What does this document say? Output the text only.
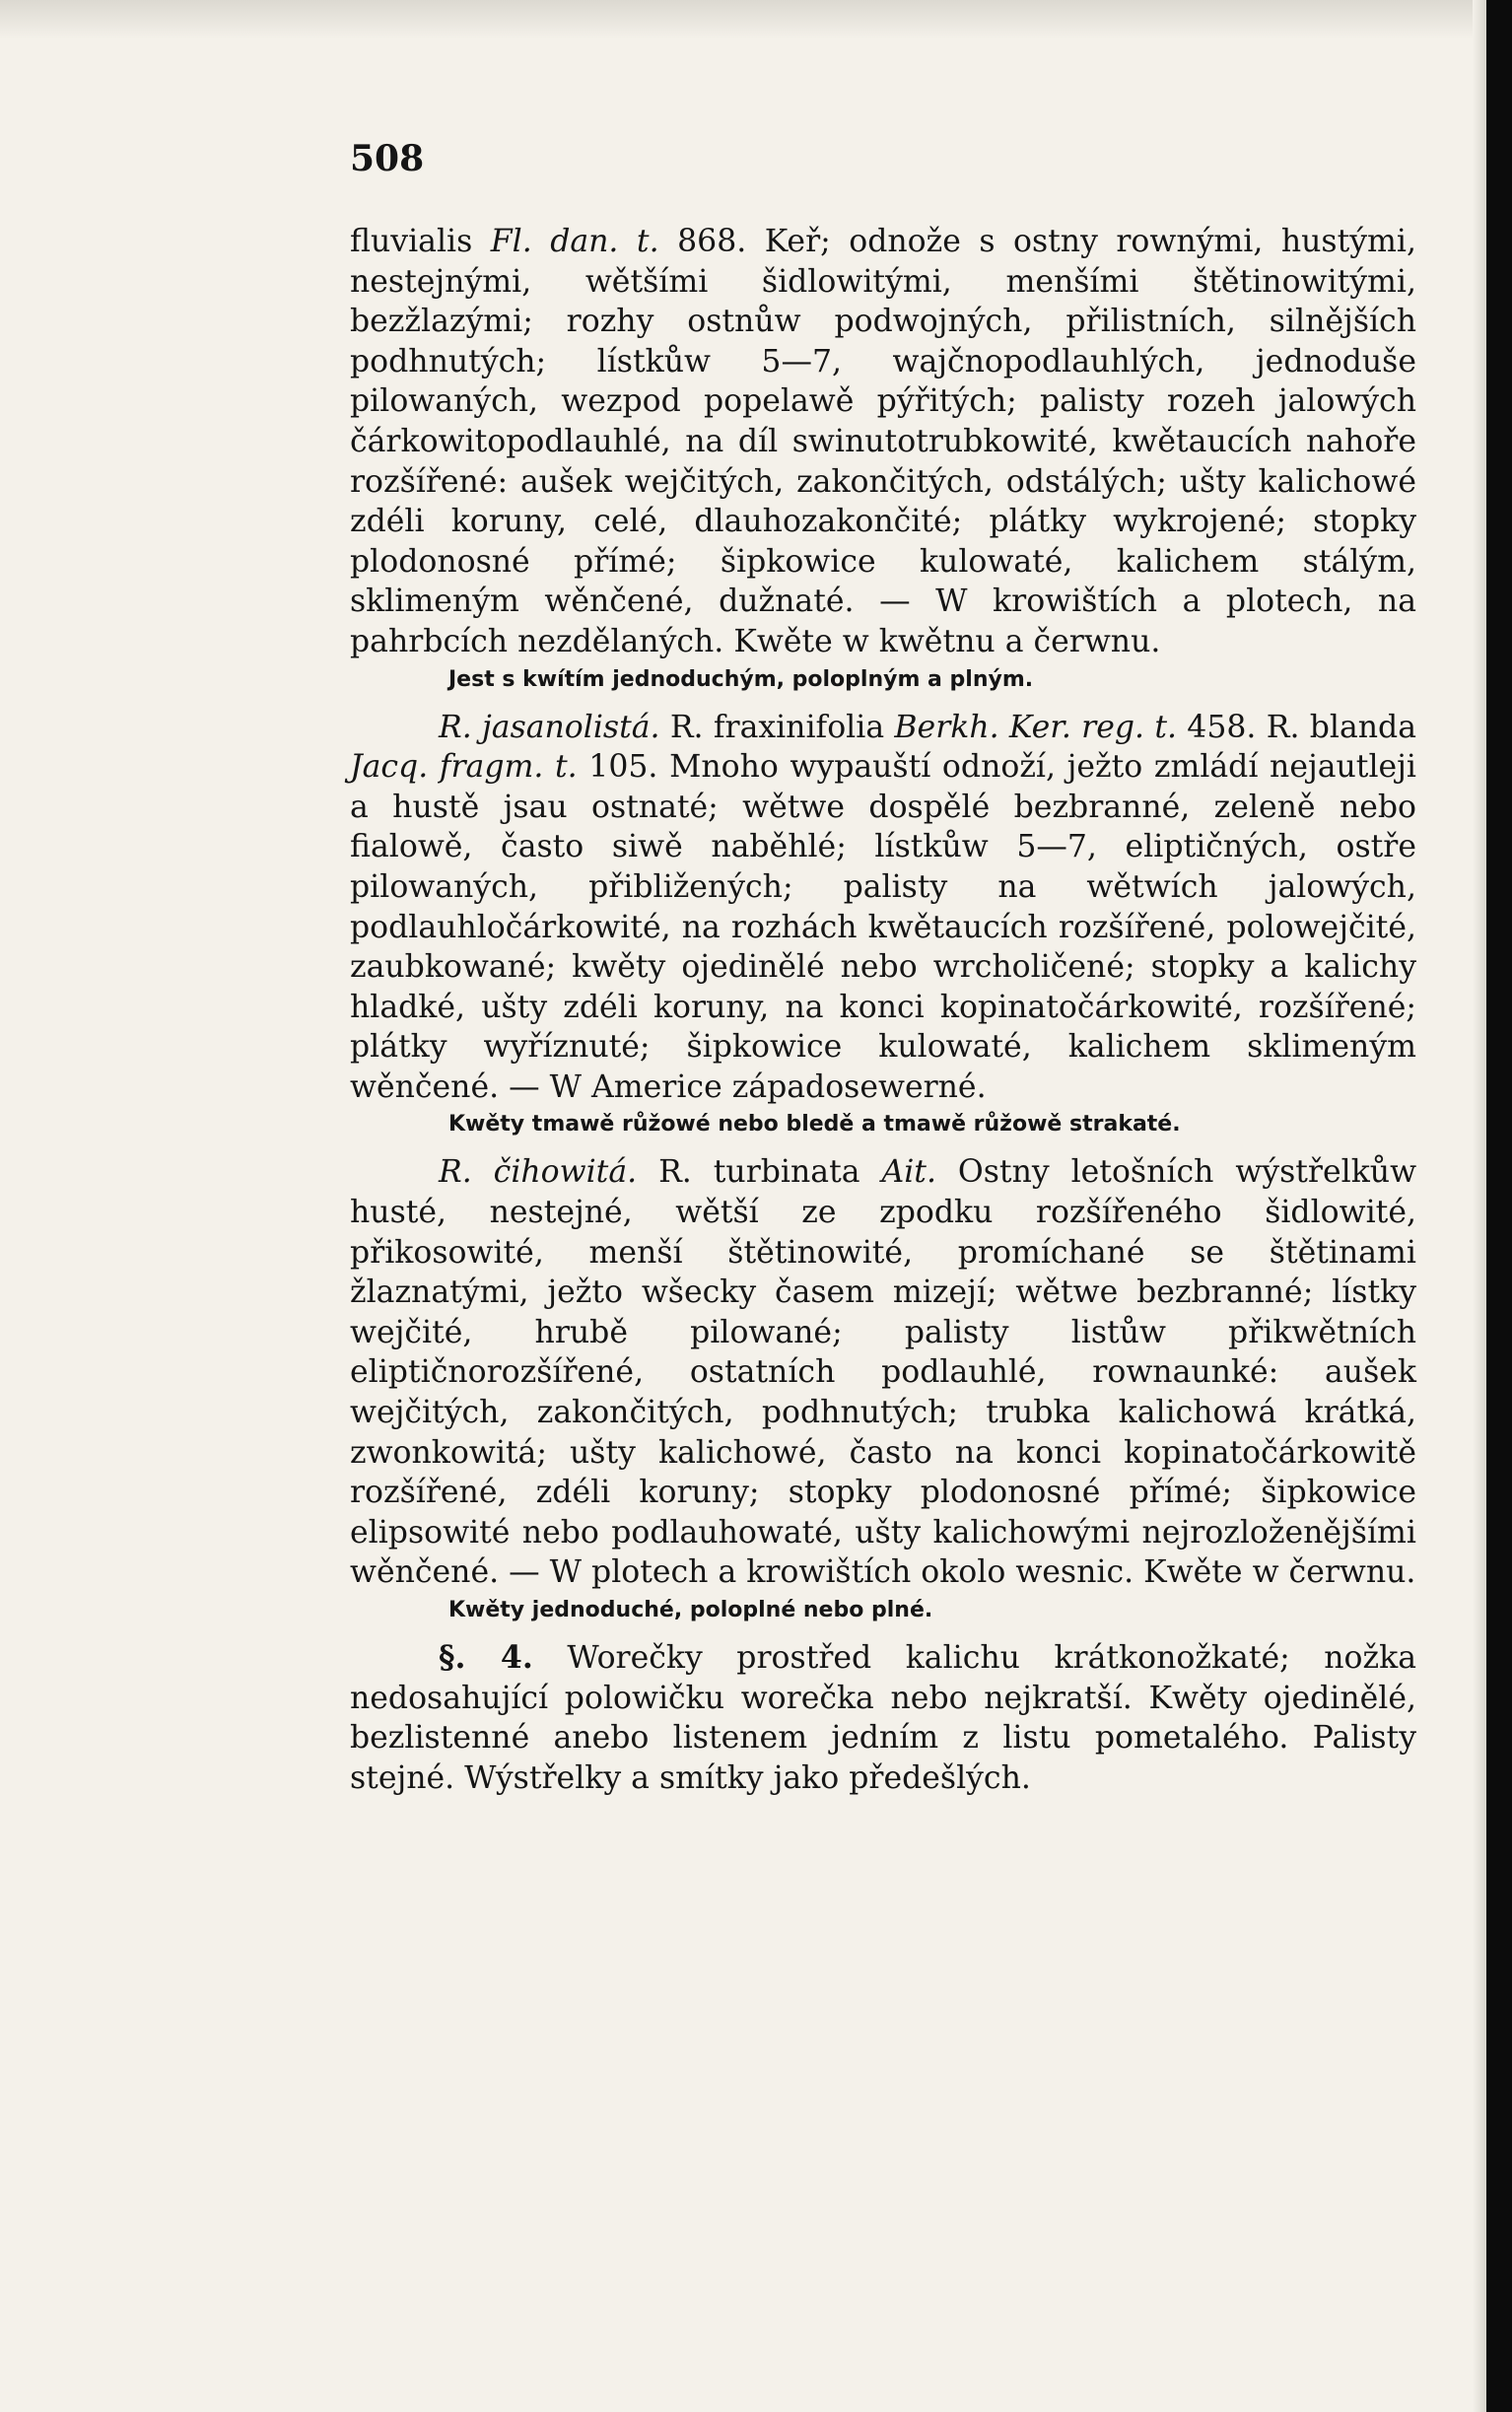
508

fluvialis Fl. dan. t. 868. Keř; odnože s ostny rownými, hustými, nestejnými, wětšími šidlowitými, menšími štětinowitými, bezžlazými; rozhy ostnůw podwojných, přilistních, silnějších podhnutých; lístkůw 5—7, wajčnopodlauhlých, jednoduše pilowaných, wezpod popelawě pýřitých; palisty rozeh jalowých čárkowitopodlauhlé, na díl swinutotrubkowité, kwětaucích nahoře rozšířené: aušek wejčitých, zakončitých, odstálých; ušty kalichowé zdéli koruny, celé, dlauhozakončité; plátky wykrojené; stopky plodonosné přímé; šipkowice kulowaté, kalichem stálým, sklimeným wěnčené, dužnaté. — W krowištích a plotech, na pahrbcích nezdělaných. Kwěte w kwětnu a čerwnu.

Jest s kwítím jednoduchým, poloplným a plným.

R. jasanolistá. R. fraxinifolia Berkh. Ker. reg. t. 458. R. blanda Jacq. fragm. t. 105. Mnoho wypauští odnoží, ježto zmládí nejautleji a hustě jsau ostnaté; wětwe dospělé bezbranné, zeleně nebo fialowě, často siwě naběhlé; lístkůw 5—7, eliptičných, ostře pilowaných, přibližených; palisty na wětwích jalowých, podlauhločárkowité, na rozhách kwětaucích rozšířené, polowejčité, zaubkowané; kwěty ojedinělé nebo wrcholičené; stopky a kalichy hladké, ušty zdéli koruny, na konci kopinatočárkowité, rozšířené; plátky wyříznuté; šipkowice kulowaté, kalichem sklimeným wěnčené. — W Americe západosewerné.

Kwěty tmawě růžowé nebo bledě a tmawě růžowě strakaté.

R. čihowitá. R. turbinata Ait. Ostny letošních wýstřelkůw husté, nestejné, wětší ze zpodku rozšířeného šidlowité, přikosowité, menší štětinowité, promíchané se štětinami žlaznatými, ježto wšecky časem mizejí; wětwe bezbranné; lístky wejčité, hrubě pilowané; palisty listůw přikwětních eliptičnorozšířené, ostatních podlauhlé, rownaunké: aušek wejčitých, zakončitých, podhnutých; trubka kalichowá krátká, zwonkowitá; ušty kalichowé, často na konci kopinatočárkowitě rozšířené, zdéli koruny; stopky plodonosné přímé; šipkowice elipsowité nebo podlauhowaté, ušty kalichowými nejrozloženějšími wěnčené. — W plotech a krowištích okolo wesnic. Kwěte w čerwnu.

Kwěty jednoduché, poloplné nebo plné.

§. 4. Worečky prostřed kalichu krátkonožkaté; nožka nedosahující polowičku worečka nebo nejkratší. Kwěty ojedinělé, bezlistenné anebo listenem jedním z listu pometalého. Palisty stejné. Wýstřelky a smítky jako předešlých.
